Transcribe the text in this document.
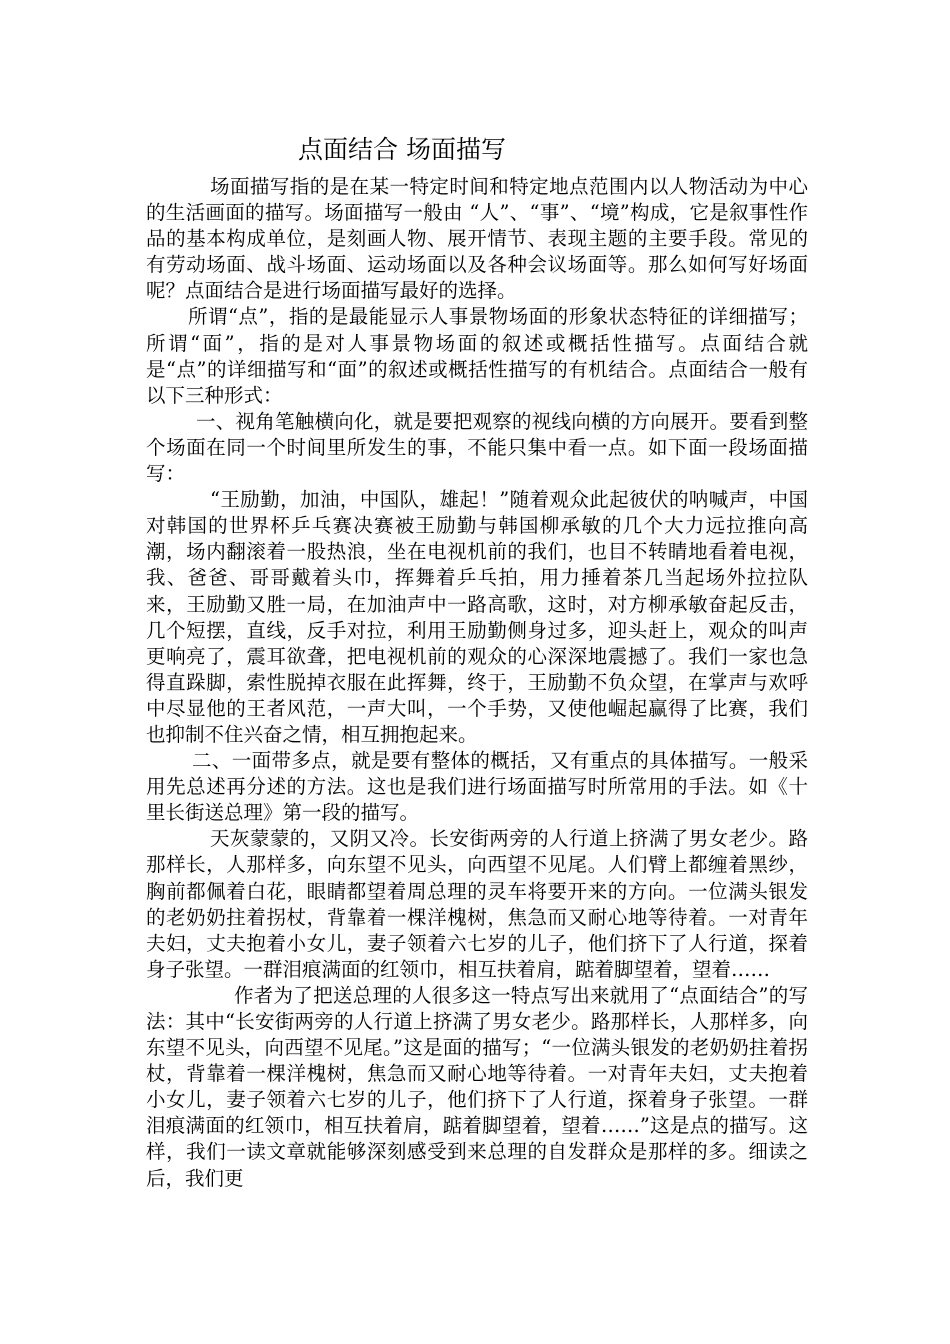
点面结合 场面描写

场面描写指的是在某一特定时间和特定地点范围内以人物活动为中心的生活画面的描写。场面描写一般由 “人”、“事”、“境”构成，它是叙事性作品的基本构成单位，是刻画人物、展开情节、表现主题的主要手段。常见的有劳动场面、战斗场面、运动场面以及各种会议场面等。那么如何写好场面呢？点面结合是进行场面描写最好的选择。

所谓“点”，指的是最能显示人事景物场面的形象状态特征的详细描写；所谓“面”，指的是对人事景物场面的叙述或概括性描写。点面结合就是“点”的详细描写和“面”的叙述或概括性描写的有机结合。点面结合一般有以下三种形式：

一、视角笔触横向化，就是要把观察的视线向横的方向展开。要看到整个场面在同一个时间里所发生的事，不能只集中看一点。如下面一段场面描写：

“王励勤，加油，中国队，雄起！”随着观众此起彼伏的呐喊声，中国对韩国的世界杯乒乓赛决赛被王励勤与韩国柳承敏的几个大力远拉推向高潮，场内翻滚着一股热浪，坐在电视机前的我们，也目不转睛地看着电视，我、爸爸、哥哥戴着头巾，挥舞着乒乓拍，用力捶着茶几当起场外拉拉队来，王励勤又胜一局，在加油声中一路高歌，这时，对方柳承敏奋起反击，几个短摆，直线，反手对拉，利用王励勤侧身过多，迎头赶上，观众的叫声更响亮了，震耳欲聋，把电视机前的观众的心深深地震撼了。我们一家也急得直跺脚，索性脱掉衣服在此挥舞，终于，王励勤不负众望，在掌声与欢呼中尽显他的王者风范，一声大叫，一个手势，又使他崛起赢得了比赛，我们也抑制不住兴奋之情，相互拥抱起来。

二、一面带多点，就是要有整体的概括，又有重点的具体描写。一般采用先总述再分述的方法。这也是我们进行场面描写时所常用的手法。如《十里长街送总理》第一段的描写。

天灰蒙蒙的，又阴又冷。长安街两旁的人行道上挤满了男女老少。路那样长，人那样多，向东望不见头，向西望不见尾。人们臂上都缠着黑纱，胸前都佩着白花，眼睛都望着周总理的灵车将要开来的方向。一位满头银发的老奶奶拄着拐杖，背靠着一棵洋槐树，焦急而又耐心地等待着。一对青年夫妇，丈夫抱着小女儿，妻子领着六七岁的儿子，他们挤下了人行道，探着身子张望。一群泪痕满面的红领巾，相互扶着肩，踮着脚望着，望着……

作者为了把送总理的人很多这一特点写出来就用了“点面结合”的写法：其中“长安街两旁的人行道上挤满了男女老少。路那样长，人那样多，向东望不见头，向西望不见尾。”这是面的描写；“一位满头银发的老奶奶拄着拐杖，背靠着一棵洋槐树，焦急而又耐心地等待着。一对青年夫妇，丈夫抱着小女儿，妻子领着六七岁的儿子，他们挤下了人行道，探着身子张望。一群泪痕满面的红领巾，相互扶着肩，踮着脚望着，望着……”这是点的描写。这样，我们一读文章就能够深刻感受到来总理的自发群众是那样的多。细读之后，我们更
